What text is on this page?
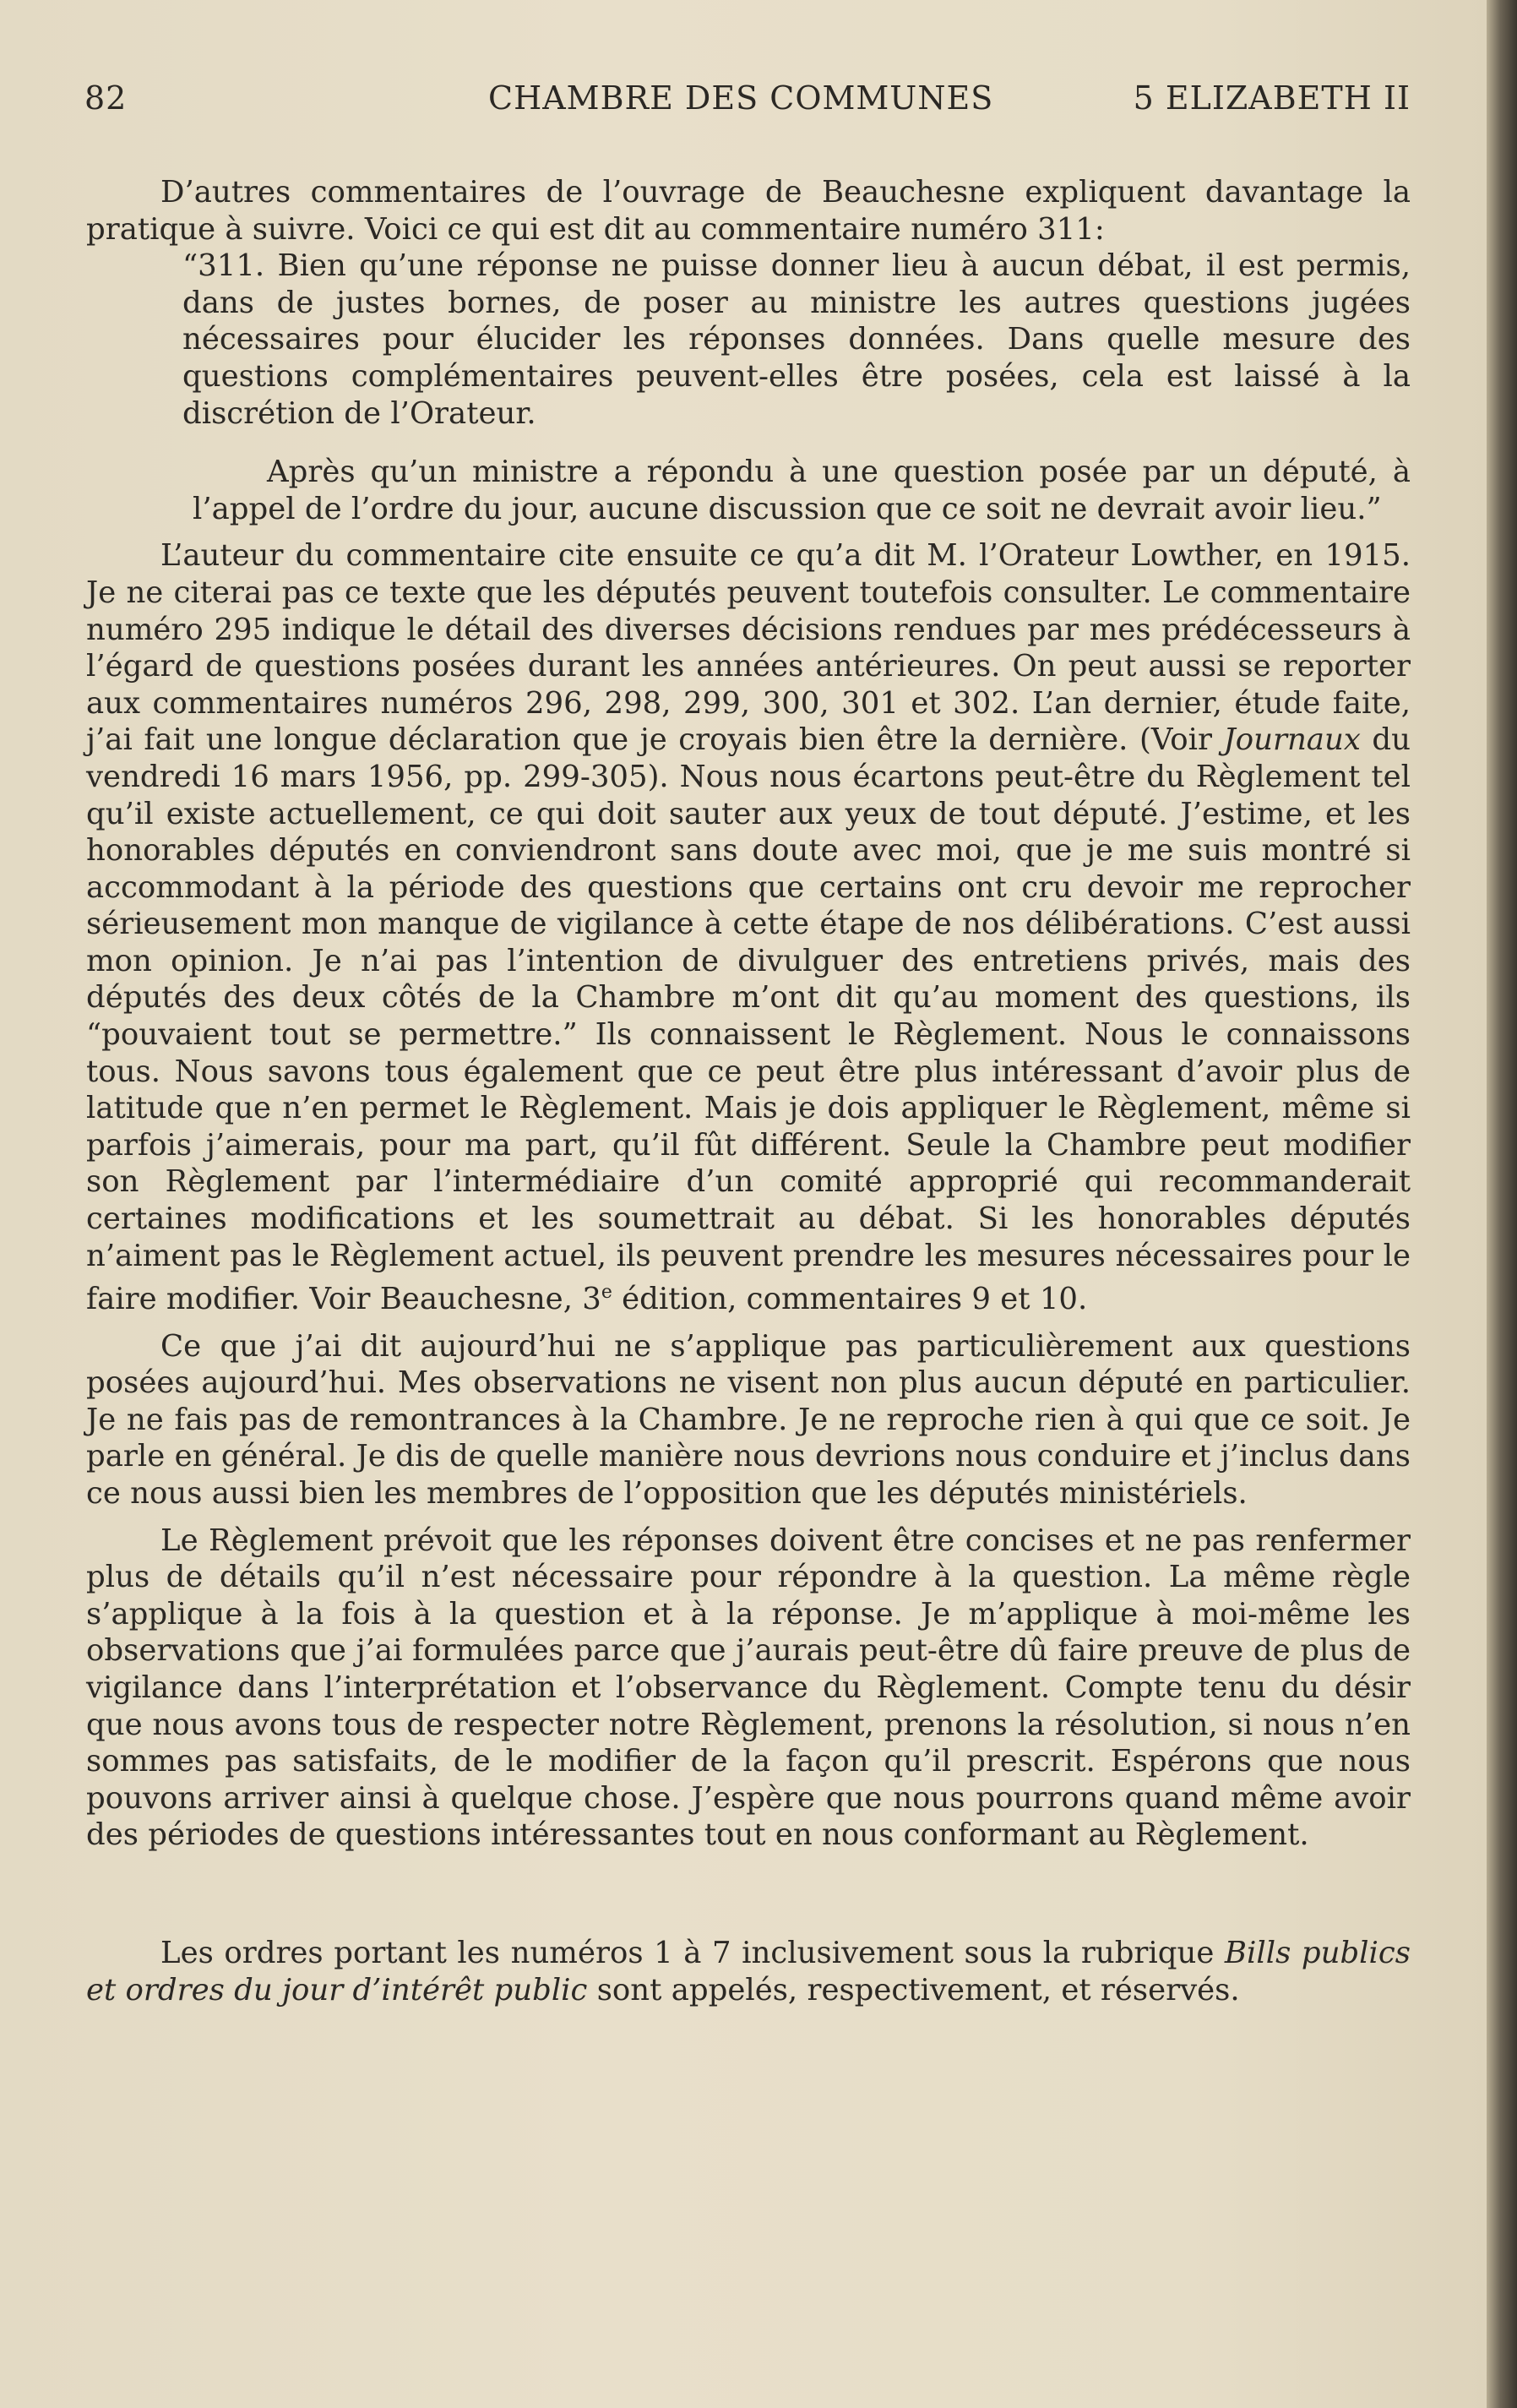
82	CHAMBRE DES COMMUNES	5 ELIZABETH II

D’autres commentaires de l’ouvrage de Beauchesne expliquent davantage la pratique à suivre. Voici ce qui est dit au commentaire numéro 311:

“311. Bien qu’une réponse ne puisse donner lieu à aucun débat, il est permis, dans de justes bornes, de poser au ministre les autres questions jugées nécessaires pour élucider les réponses données. Dans quelle mesure des questions complémentaires peuvent-elles être posées, cela est laissé à la discrétion de l’Orateur.

Après qu’un ministre a répondu à une question posée par un député, à l’appel de l’ordre du jour, aucune discussion que ce soit ne devrait avoir lieu.”

L’auteur du commentaire cite ensuite ce qu’a dit M. l’Orateur Lowther, en 1915. Je ne citerai pas ce texte que les députés peuvent toutefois consulter. Le commentaire numéro 295 indique le détail des diverses décisions rendues par mes prédécesseurs à l’égard de questions posées durant les années antérieures. On peut aussi se reporter aux commentaires numéros 296, 298, 299, 300, 301 et 302. L’an dernier, étude faite, j’ai fait une longue déclaration que je croyais bien être la dernière. (Voir Journaux du vendredi 16 mars 1956, pp. 299-305). Nous nous écartons peut-être du Règlement tel qu’il existe actuellement, ce qui doit sauter aux yeux de tout député. J’estime, et les honorables députés en conviendront sans doute avec moi, que je me suis montré si accommodant à la période des questions que certains ont cru devoir me reprocher sérieusement mon manque de vigilance à cette étape de nos délibérations. C’est aussi mon opinion. Je n’ai pas l’intention de divulguer des entretiens privés, mais des députés des deux côtés de la Chambre m’ont dit qu’au moment des questions, ils “pouvaient tout se permettre.” Ils connaissent le Règlement. Nous le connaissons tous. Nous savons tous également que ce peut être plus intéressant d’avoir plus de latitude que n’en permet le Règlement. Mais je dois appliquer le Règlement, même si parfois j’aimerais, pour ma part, qu’il fût différent. Seule la Chambre peut modifier son Règlement par l’intermédiaire d’un comité approprié qui recommanderait certaines modifications et les soumettrait au débat. Si les honorables députés n’aiment pas le Règlement actuel, ils peuvent prendre les mesures nécessaires pour le faire modifier. Voir Beauchesne, 3e édition, commentaires 9 et 10.

Ce que j’ai dit aujourd’hui ne s’applique pas particulièrement aux questions posées aujourd’hui. Mes observations ne visent non plus aucun député en particulier. Je ne fais pas de remontrances à la Chambre. Je ne reproche rien à qui que ce soit. Je parle en général. Je dis de quelle manière nous devrions nous conduire et j’inclus dans ce nous aussi bien les membres de l’opposition que les députés ministériels.

Le Règlement prévoit que les réponses doivent être concises et ne pas renfermer plus de détails qu’il n’est nécessaire pour répondre à la question. La même règle s’applique à la fois à la question et à la réponse. Je m’applique à moi-même les observations que j’ai formulées parce que j’aurais peut-être dû faire preuve de plus de vigilance dans l’interprétation et l’observance du Règlement. Compte tenu du désir que nous avons tous de respecter notre Règlement, prenons la résolution, si nous n’en sommes pas satisfaits, de le modifier de la façon qu’il prescrit. Espérons que nous pouvons arriver ainsi à quelque chose. J’espère que nous pourrons quand même avoir des périodes de questions intéressantes tout en nous conformant au Règlement.

Les ordres portant les numéros 1 à 7 inclusivement sous la rubrique Bills publics et ordres du jour d’intérêt public sont appelés, respectivement, et réservés.
